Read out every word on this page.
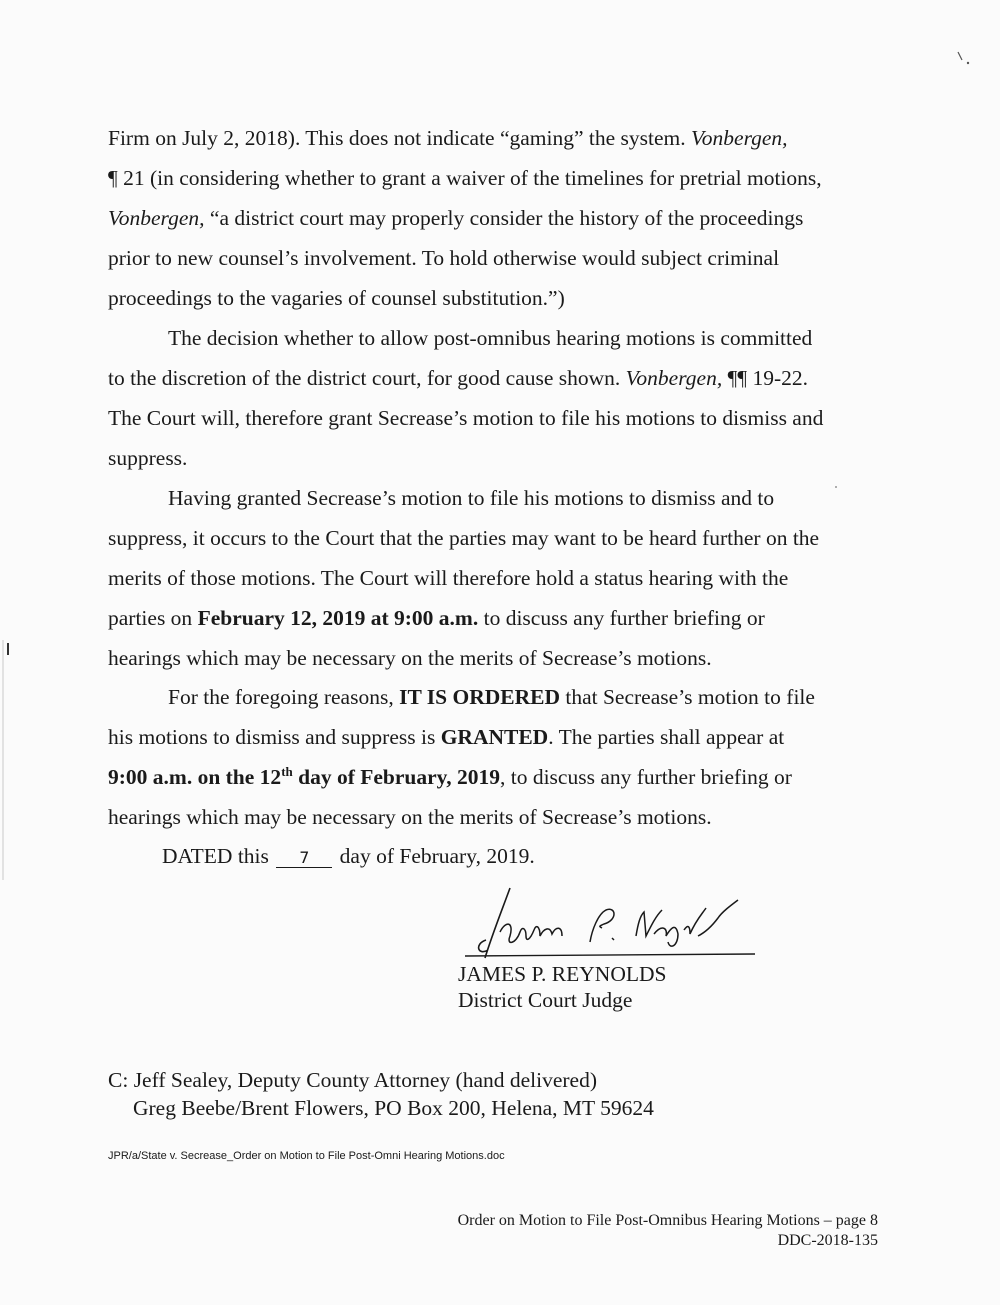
Firm on July 2, 2018). This does not indicate “gaming” the system. Vonbergen,
¶ 21 (in considering whether to grant a waiver of the timelines for pretrial motions,
Vonbergen, “a district court may properly consider the history of the proceedings
prior to new counsel’s involvement. To hold otherwise would subject criminal
proceedings to the vagaries of counsel substitution.”)
The decision whether to allow post-omnibus hearing motions is committed
to the discretion of the district court, for good cause shown. Vonbergen, ¶¶ 19-22.
The Court will, therefore grant Secrease’s motion to file his motions to dismiss and
suppress.
Having granted Secrease’s motion to file his motions to dismiss and to
suppress, it occurs to the Court that the parties may want to be heard further on the
merits of those motions. The Court will therefore hold a status hearing with the
parties on February 12, 2019 at 9:00 a.m. to discuss any further briefing or
hearings which may be necessary on the merits of Secrease’s motions.
For the foregoing reasons, IT IS ORDERED that Secrease’s motion to file
his motions to dismiss and suppress is GRANTED. The parties shall appear at
9:00 a.m. on the 12th day of February, 2019, to discuss any further briefing or
hearings which may be necessary on the merits of Secrease’s motions.
DATED this 7 day of February, 2019.
JAMES P. REYNOLDS
District Court Judge
C: Jeff Sealey, Deputy County Attorney (hand delivered)
Greg Beebe/Brent Flowers, PO Box 200, Helena, MT 59624
JPR/a/State v. Secrease_Order on Motion to File Post-Omni Hearing Motions.doc
Order on Motion to File Post-Omnibus Hearing Motions – page 8
DDC-2018-135
